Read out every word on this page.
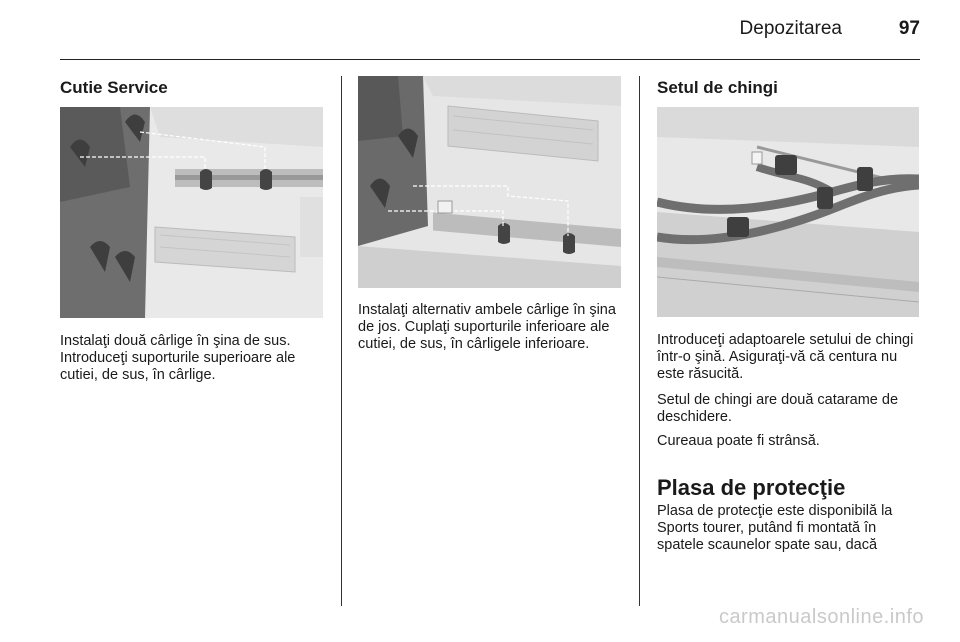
Depozitarea	97
Cutie Service
Instalaţi două cârlige în şina de sus. Introduceţi suporturile superioare ale cutiei, de sus, în cârlige.
Instalaţi alternativ ambele cârlige în şina de jos. Cuplaţi suporturile inferioare ale cutiei, de sus, în cârligele inferioare.
Setul de chingi
Introduceţi adaptoarele setului de chingi într-o şină. Asiguraţi-vă că centura nu este răsucită.
Setul de chingi are două catarame de deschidere.
Cureaua poate fi strânsă.
Plasa de protecţie
Plasa de protecţie este disponibilă la Sports tourer, putând fi montată în spatele scaunelor spate sau, dacă
carmanualsonline.info
